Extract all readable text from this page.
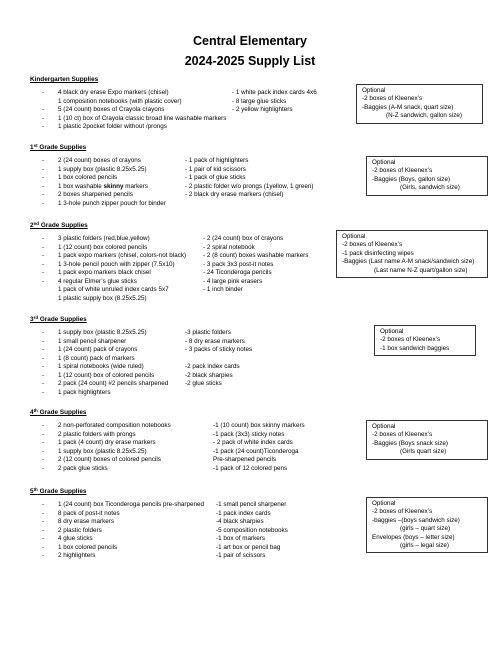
Central Elementary
2024-2025 Supply List
Kindergarten Supplies
- 4 black dry erase Expo markers (chisel)	- 1 white pack index cards 4x6
1 composition notebooks (with plastic cover)	- 8 large glue sticks
- 5 (24 count) boxes of Crayola crayons	- 2 yellow highlighters
- 1 (10 ct) box of Crayola classic broad line washable markers
- 1 plastic 2pocket folder without /prongs
Optional
-2 boxes of Kleenex’s
-Baggies (A-M snack, quart size)
(N-Z sandwich, gallon size)
1st Grade Supplies
- 2 (24 count) boxes of crayons	- 1 pack of highlighters
- 1 supply box (plastic 8.25x5.25)	- 1 pair of kid scissors
- 1 box colored pencils	- 1 pack of glue sticks
- 1 box washable skinny markers	- 2 plastic folder w/o prongs (1yellow, 1 green)
- 2 boxes sharpened pencils	- 2 black dry erase markers (chisel)
- 1 3-hole punch zipper pouch for binder
Optional
-2 boxes of Kleenex’s
-Baggies (Boys, gallon size)
(Girls, sandwich size)
2nd Grade Supplies
- 3 plastic folders (red,blue,yellow)	- 2 (24 count) box of crayons
- 1 (12 count) box colored pencils	- 2 spiral notebook
- 1 pack expo markers (chisel, colors-not black)	- 2 (8 count) boxes washable markers
- 1 3-hole pencil pouch with zipper (7.5x10)	- 3 pack 3x3 post-it notes
- 1 pack expo markers black chisel	- 24 Ticonderoga pencils
- 4 regular Elmer’s glue sticks	- 4 large pink erasers
1 pack of white unruled index cards 5x7	- 1 inch binder
1 plastic supply box (8.25x5.25)
Optional
-2 boxes of Kleenex’s
-1 pack disinfecting wipes
-Baggies (Last name A-M snack/sandwich size)
(Last name N-Z quart/gallon size)
3rd Grade Supplies
- 1 supply box (plastic 8.25x5.25)	-3 plastic folders
- 1 small pencil sharpener	- 8 dry erase markers
- 1 (24 count) pack of crayons	- 3 packs of sticky notes
- 1 (8 count) pack of markers
- 1 spiral notebooks (wide ruled)	-2 pack index cards
- 1 (12 count) box of colored pencils	-2 black sharpies
- 2 pack (24 count) #2 pencils sharpened	-2 glue sticks
- 1 pack highlighters
Optional
-2 boxes of Kleenex’s
-1 box sandwich baggies
4th Grade Supplies
- 2 non-perforated composition notebooks	-1 (10 count) box skinny markers
- 2 plastic folders with prongs	-1 pack (3x3) sticky notes
- 1 pack (4 count) dry erase markers	- 2 pack of white index cards
- 1 supply box (plastic 8.25x5.25)	-1 pack (24 count)Ticonderoga
- 2 (12 count) boxes of colored pencils	Pre-sharpened pencils
- 2 pack glue sticks	-1 pack of 12 colored pens
Optional
-2 boxes of Kleenex’s
-Baggies (Boys snack size)
(Girls quart size)
5th Grade Supplies
- 1 (24 count) box Ticonderoga pencils pre-sharpened -1 small pencil sharpener
- 8 pack of post-it notes	-1 pack index cards
- 8 dry erase markers	-4 black sharpies
- 2 plastic folders	-5 composition notebooks
- 4 glue sticks	-1 box of markers
- 1 box colored pencils	-1 art box or pencil bag
- 2 highlighters	-1 pair of scissors
Optional
-2 boxes of Kleenex’s
-baggies –(boys sandwich size)
(girls – quart size)
Envelopes (boys – letter size)
(girls – legal size)
